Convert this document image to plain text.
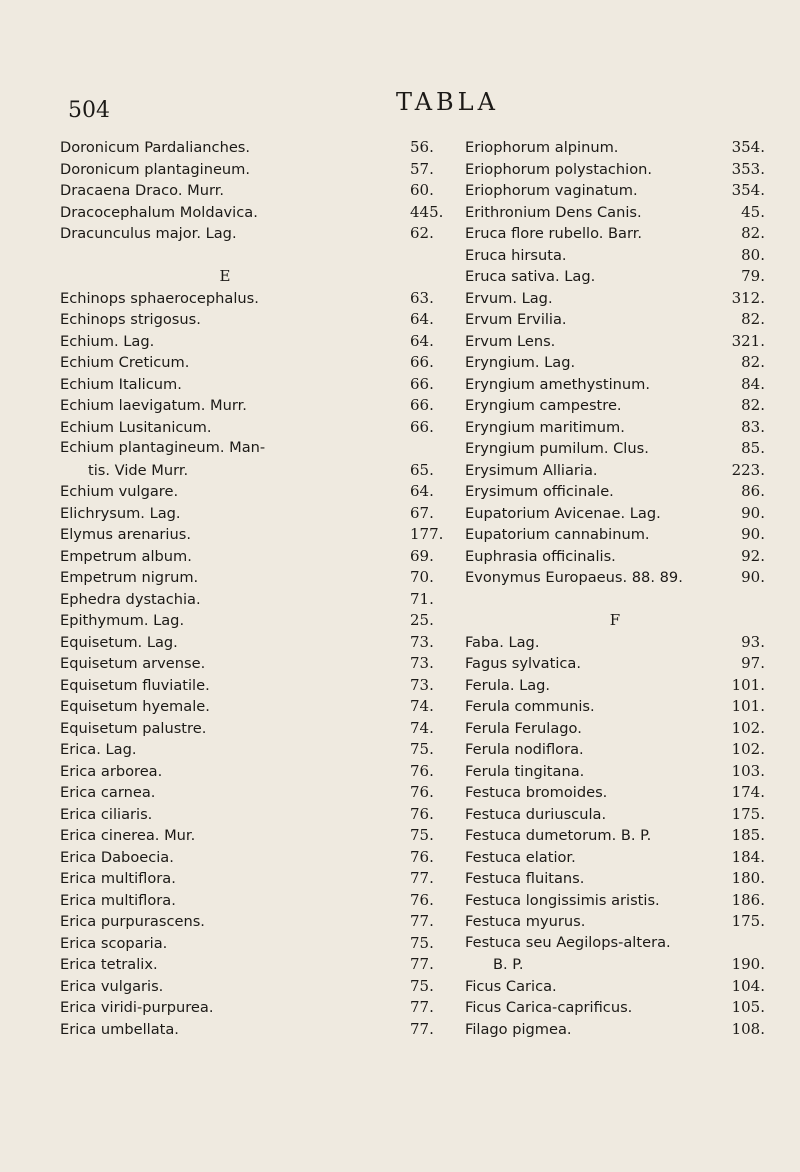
504	TABLA
Doronicum Pardalianches.	56.
Doronicum plantagineum.	57.
Dracaena Draco. Murr.	60.
Dracocephalum Moldavica.	445.
Dracunculus major. Lag.	62.
E
Echinops sphaerocephalus.	63.
Echinops strigosus.	64.
Echium. Lag.	64.
Echium Creticum.	66.
Echium Italicum.	66.
Echium laevigatum. Murr.	66.
Echium Lusitanicum.	66.
Echium plantagineum. Man-
tis. Vide Murr.	65.
Echium vulgare.	64.
Elichrysum. Lag.	67.
Elymus arenarius.	177.
Empetrum album.	69.
Empetrum nigrum.	70.
Ephedra dystachia.	71.
Epithymum. Lag.	25.
Equisetum. Lag.	73.
Equisetum arvense.	73.
Equisetum fluviatile.	73.
Equisetum hyemale.	74.
Equisetum palustre.	74.
Erica. Lag.	75.
Erica arborea.	76.
Erica carnea.	76.
Erica ciliaris.	76.
Erica cinerea. Mur.	75.
Erica Daboecia.	76.
Erica multiflora.	77.
Erica multiflora.	76.
Erica purpurascens.	77.
Erica scoparia.	75.
Erica tetralix.	77.
Erica vulgaris.	75.
Erica viridi-purpurea.	77.
Erica umbellata.	77.
Eriophorum alpinum.	354.
Eriophorum polystachion.	353.
Eriophorum vaginatum.	354.
Erithronium Dens Canis.	45.
Eruca flore rubello. Barr.	82.
Eruca hirsuta.	80.
Eruca sativa. Lag.	79.
Ervum. Lag.	312.
Ervum Ervilia.	82.
Ervum Lens.	321.
Eryngium. Lag.	82.
Eryngium amethystinum.	84.
Eryngium campestre.	82.
Eryngium maritimum.	83.
Eryngium pumilum. Clus.	85.
Erysimum Alliaria.	223.
Erysimum officinale.	86.
Eupatorium Avicenae. Lag.	90.
Eupatorium cannabinum.	90.
Euphrasia officinalis.	92.
Evonymus Europaeus. 88. 89.	90.
F
Faba. Lag.	93.
Fagus sylvatica.	97.
Ferula. Lag.	101.
Ferula communis.	101.
Ferula Ferulago.	102.
Ferula nodiflora.	102.
Ferula tingitana.	103.
Festuca bromoides.	174.
Festuca duriuscula.	175.
Festuca dumetorum. B. P.	185.
Festuca elatior.	184.
Festuca fluitans.	180.
Festuca longissimis aristis.	186.
Festuca myurus.	175.
Festuca seu Aegilops-altera.
B. P.	190.
Ficus Carica.	104.
Ficus Carica-caprificus.	105.
Filago pigmea.	108.
